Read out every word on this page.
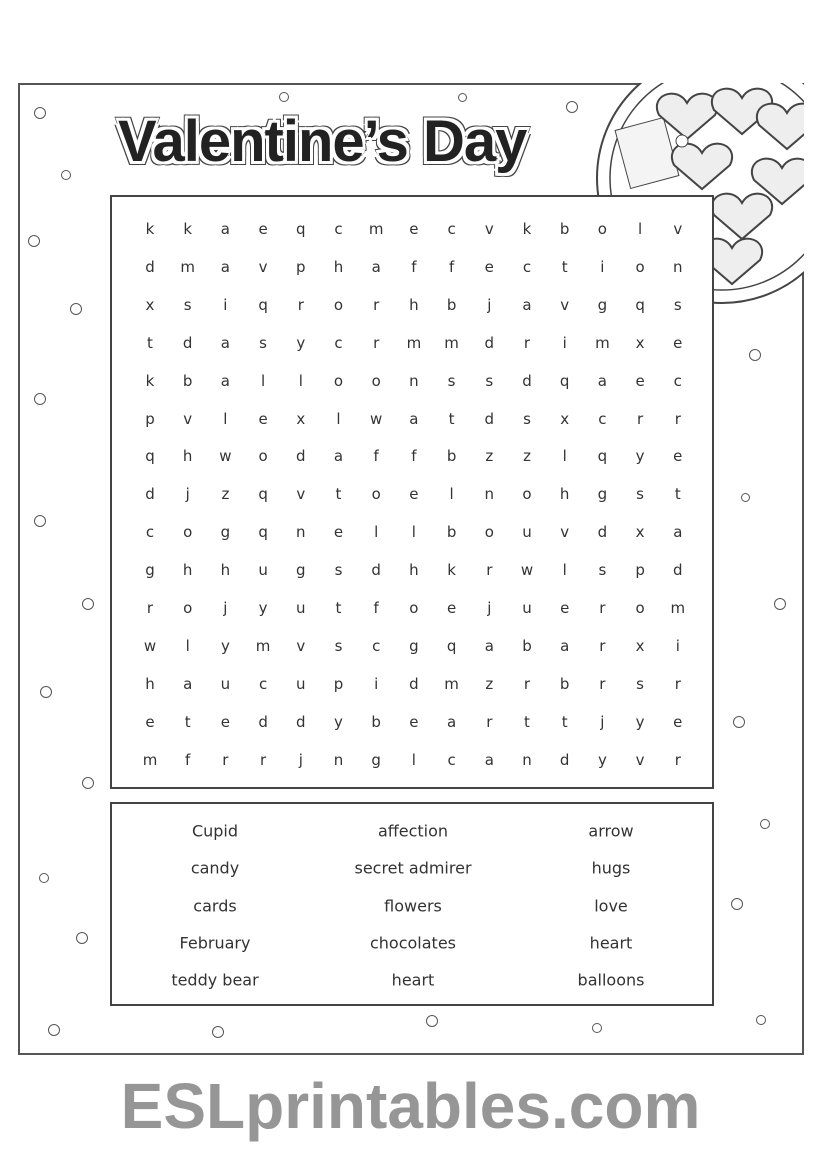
Valentine’s Day
k	k	a	e	q	c	m	e	c	v	k	b	o	l	v
d	m	a	v	p	h	a	f	f	e	c	t	i	o	n
x	s	i	q	r	o	r	h	b	j	a	v	g	q	s
t	d	a	s	y	c	r	m	m	d	r	i	m	x	e
k	b	a	l	l	o	o	n	s	s	d	q	a	e	c
p	v	l	e	x	l	w	a	t	d	s	x	c	r	r
q	h	w	o	d	a	f	f	b	z	z	l	q	y	e
d	j	z	q	v	t	o	e	l	n	o	h	g	s	t
c	o	g	q	n	e	l	l	b	o	u	v	d	x	a
g	h	h	u	g	s	d	h	k	r	w	l	s	p	d
r	o	j	y	u	t	f	o	e	j	u	e	r	o	m
w	l	y	m	v	s	c	g	q	a	b	a	r	x	i
h	a	u	c	u	p	i	d	m	z	r	b	r	s	r
e	t	e	d	d	y	b	e	a	r	t	t	j	y	e
m	f	r	r	j	n	g	l	c	a	n	d	y	v	r
Cupid	affection	arrow
candy	secret admirer	hugs
cards	flowers	love
February	chocolates	heart
teddy bear	heart	balloons
ESLprintables.com
